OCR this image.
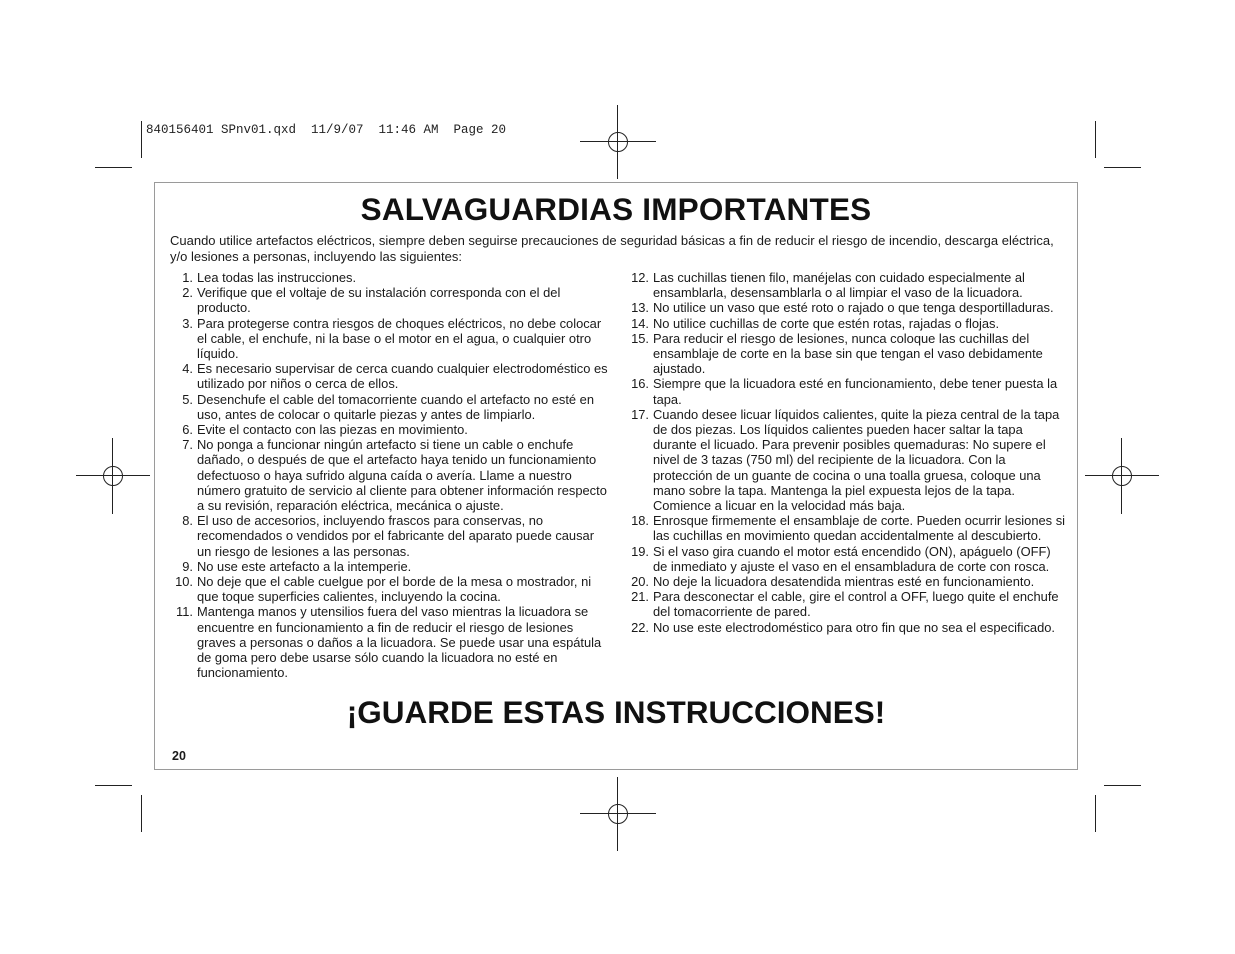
840156401 SPnv01.qxd  11/9/07  11:46 AM  Page 20
SALVAGUARDIAS IMPORTANTES
Cuando utilice artefactos eléctricos, siempre deben seguirse precauciones de seguridad básicas a fin de reducir el riesgo de incendio, descarga eléctrica, y/o lesiones a personas, incluyendo las siguientes:
1. Lea todas las instrucciones.
2. Verifique que el voltaje de su instalación corresponda con el del producto.
3. Para protegerse contra riesgos de choques eléctricos, no debe colocar el cable, el enchufe, ni la base o el motor en el agua, o cualquier otro líquido.
4. Es necesario supervisar de cerca cuando cualquier electrodoméstico es utilizado por niños o cerca de ellos.
5. Desenchufe el cable del tomacorriente cuando el artefacto no esté en uso, antes de colocar o quitarle piezas y antes de limpiarlo.
6. Evite el contacto con las piezas en movimiento.
7. No ponga a funcionar ningún artefacto si tiene un cable o enchufe dañado, o después de que el artefacto haya tenido un funcionamiento defectuoso o haya sufrido alguna caída o avería. Llame a nuestro número gratuito de servicio al cliente para obtener información respecto a su revisión, reparación eléctrica, mecánica o ajuste.
8. El uso de accesorios, incluyendo frascos para conservas, no recomendados o vendidos por el fabricante del aparato puede causar un riesgo de lesiones a las personas.
9. No use este artefacto a la intemperie.
10. No deje que el cable cuelgue por el borde de la mesa o mostrador, ni que toque superficies calientes, incluyendo la cocina.
11. Mantenga manos y utensilios fuera del vaso mientras la licuadora se encuentre en funcionamiento a fin de reducir el riesgo de lesiones graves a personas o daños a la licuadora. Se puede usar una espátula de goma pero debe usarse sólo cuando la licuadora no esté en funcionamiento.
12. Las cuchillas tienen filo, manéjelas con cuidado especialmente al ensamblarla, desensamblarla o al limpiar el vaso de la licuadora.
13. No utilice un vaso que esté roto o rajado o que tenga desportilladuras.
14. No utilice cuchillas de corte que estén rotas, rajadas o flojas.
15. Para reducir el riesgo de lesiones, nunca coloque las cuchillas del ensamblaje de corte en la base sin que tengan el vaso debidamente ajustado.
16. Siempre que la licuadora esté en funcionamiento, debe tener puesta la tapa.
17. Cuando desee licuar líquidos calientes, quite la pieza central de la tapa de dos piezas. Los líquidos calientes pueden hacer saltar la tapa durante el licuado. Para prevenir posibles quemaduras: No supere el nivel de 3 tazas (750 ml) del recipiente de la licuadora. Con la protección de un guante de cocina o una toalla gruesa, coloque una mano sobre la tapa. Mantenga la piel expuesta lejos de la tapa. Comience a licuar en la velocidad más baja.
18. Enrosque firmemente el ensamblaje de corte. Pueden ocurrir lesiones si las cuchillas en movimiento quedan accidentalmente al descubierto.
19. Si el vaso gira cuando el motor está encendido (ON), apáguelo (OFF) de inmediato y ajuste el vaso en el ensambladura de corte con rosca.
20. No deje la licuadora desatendida mientras esté en funcionamiento.
21. Para desconectar el cable, gire el control a OFF, luego quite el enchufe del tomacorriente de pared.
22. No use este electrodoméstico para otro fin que no sea el especificado.
¡GUARDE ESTAS INSTRUCCIONES!
20
